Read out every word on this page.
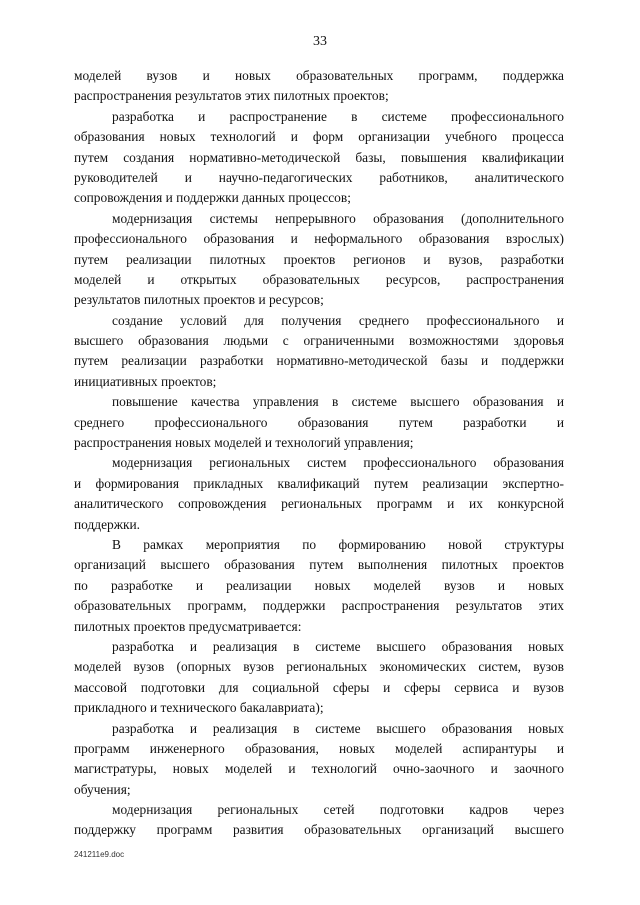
33
моделей вузов и новых образовательных программ, поддержка
распространения результатов этих пилотных проектов;
разработка и распространение в системе профессионального
образования новых технологий и форм организации учебного процесса
путем создания нормативно-методической базы, повышения квалификации
руководителей и научно-педагогических работников, аналитического
сопровождения и поддержки данных процессов;
модернизация системы непрерывного образования (дополнительного
профессионального образования и неформального образования взрослых)
путем реализации пилотных проектов регионов и вузов, разработки
моделей и открытых образовательных ресурсов, распространения
результатов пилотных проектов и ресурсов;
создание условий для получения среднего профессионального и
высшего образования людьми с ограниченными возможностями здоровья
путем реализации разработки нормативно-методической базы и поддержки
инициативных проектов;
повышение качества управления в системе высшего образования и
среднего профессионального образования путем разработки и
распространения новых моделей и технологий управления;
модернизация региональных систем профессионального образования
и формирования прикладных квалификаций путем реализации экспертно-
аналитического сопровождения региональных программ и их конкурсной
поддержки.
В рамках мероприятия по формированию новой структуры
организаций высшего образования путем выполнения пилотных проектов
по разработке и реализации новых моделей вузов и новых
образовательных программ, поддержки распространения результатов этих
пилотных проектов предусматривается:
разработка и реализация в системе высшего образования новых
моделей вузов (опорных вузов региональных экономических систем, вузов
массовой подготовки для социальной сферы и сферы сервиса и вузов
прикладного и технического бакалавриата);
разработка и реализация в системе высшего образования новых
программ инженерного образования, новых моделей аспирантуры и
магистратуры, новых моделей и технологий очно-заочного и заочного
обучения;
модернизация региональных сетей подготовки кадров через
поддержку программ развития образовательных организаций высшего
241211e9.doc
